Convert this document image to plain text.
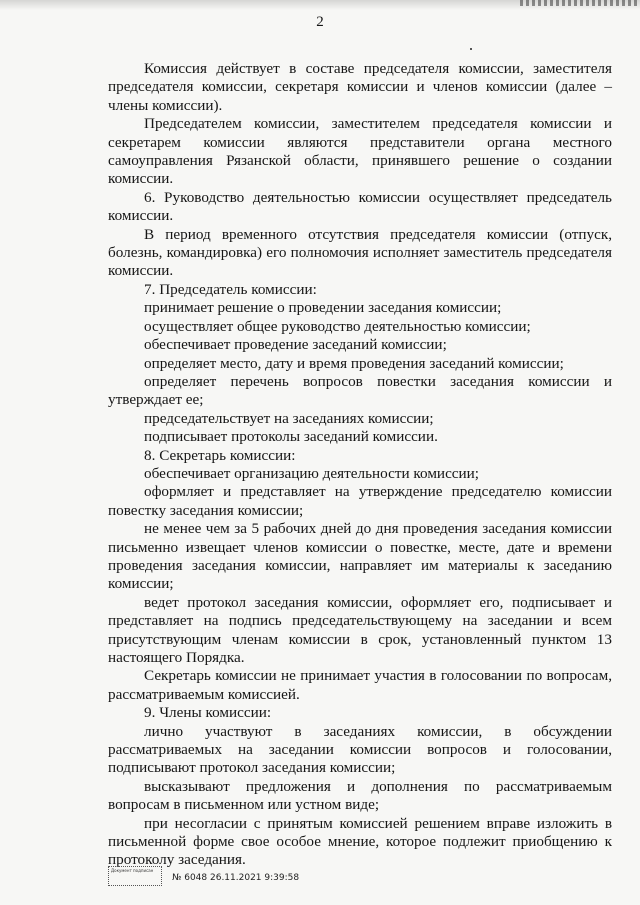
2

Комиссия действует в составе председателя комиссии, заместителя председателя комиссии, секретаря комиссии и членов комиссии (далее – члены комиссии).

Председателем комиссии, заместителем председателя комиссии и секретарем комиссии являются представители органа местного самоуправления Рязанской области, принявшего решение о создании комиссии.

6. Руководство деятельностью комиссии осуществляет председатель комиссии.

В период временного отсутствия председателя комиссии (отпуск, болезнь, командировка) его полномочия исполняет заместитель председателя комиссии.

7. Председатель комиссии:

принимает решение о проведении заседания комиссии;

осуществляет общее руководство деятельностью комиссии;

обеспечивает проведение заседаний комиссии;

определяет место, дату и время проведения заседаний комиссии;

определяет перечень вопросов повестки заседания комиссии и утверждает ее;

председательствует на заседаниях комиссии;

подписывает протоколы заседаний комиссии.

8. Секретарь комиссии:

обеспечивает организацию деятельности комиссии;

оформляет и представляет на утверждение председателю комиссии повестку заседания комиссии;

не менее чем за 5 рабочих дней до дня проведения заседания комиссии письменно извещает членов комиссии о повестке, месте, дате и времени проведения заседания комиссии, направляет им материалы к заседанию комиссии;

ведет протокол заседания комиссии, оформляет его, подписывает и представляет на подпись председательствующему на заседании и всем присутствующим членам комиссии в срок, установленный пунктом 13 настоящего Порядка.

Секретарь комиссии не принимает участия в голосовании по вопросам, рассматриваемым комиссией.

9. Члены комиссии:

лично участвуют в заседаниях комиссии, в обсуждении рассматриваемых на заседании комиссии вопросов и голосовании, подписывают протокол заседания комиссии;

высказывают предложения и дополнения по рассматриваемым вопросам в письменном или устном виде;

при несогласии с принятым комиссией решением вправе изложить в письменной форме свое особое мнение, которое подлежит приобщению к протоколу заседания.

Документ подписан
№ 6048 26.11.2021 9:39:58
